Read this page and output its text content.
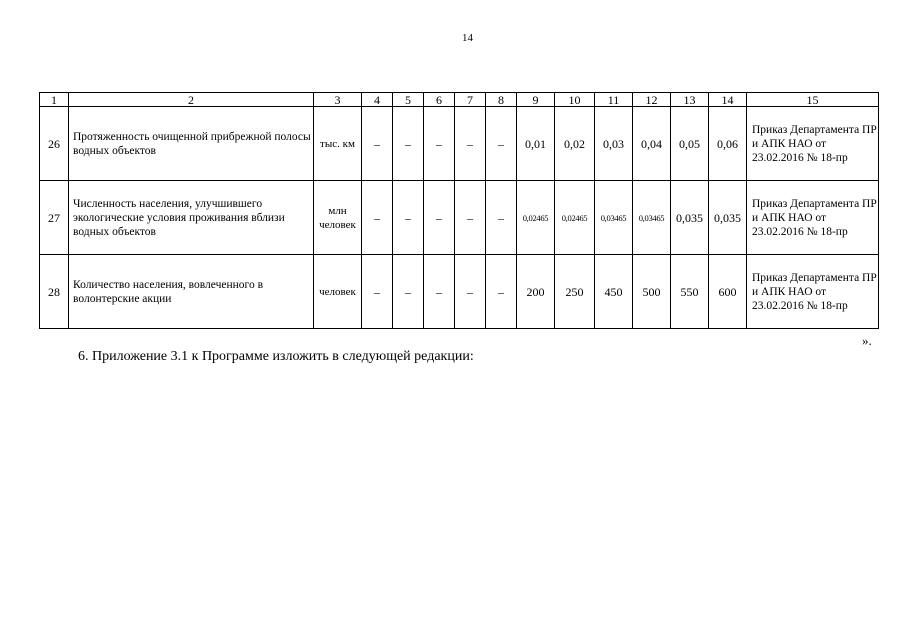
14
1	2	3	4	5	6	7	8	9	10	11	12	13	14	15
26	Протяженность очищенной прибрежной полосы водных объектов	тыс. км	–	–	–	–	–	0,01	0,02	0,03	0,04	0,05	0,06	Приказ Департамента ПР и АПК НАО от 23.02.2016 № 18-пр
27	Численность населения, улучшившего экологические условия проживания вблизи водных объектов	млн человек	–	–	–	–	–	0,02465	0,02465	0,03465	0,03465	0,035	0,035	Приказ Департамента ПР и АПК НАО от 23.02.2016 № 18-пр
28	Количество населения, вовлеченного в волонтерские акции	человек	–	–	–	–	–	200	250	450	500	550	600	Приказ Департамента ПР и АПК НАО от 23.02.2016 № 18-пр
».
6. Приложение 3.1 к Программе изложить в следующей редакции:
